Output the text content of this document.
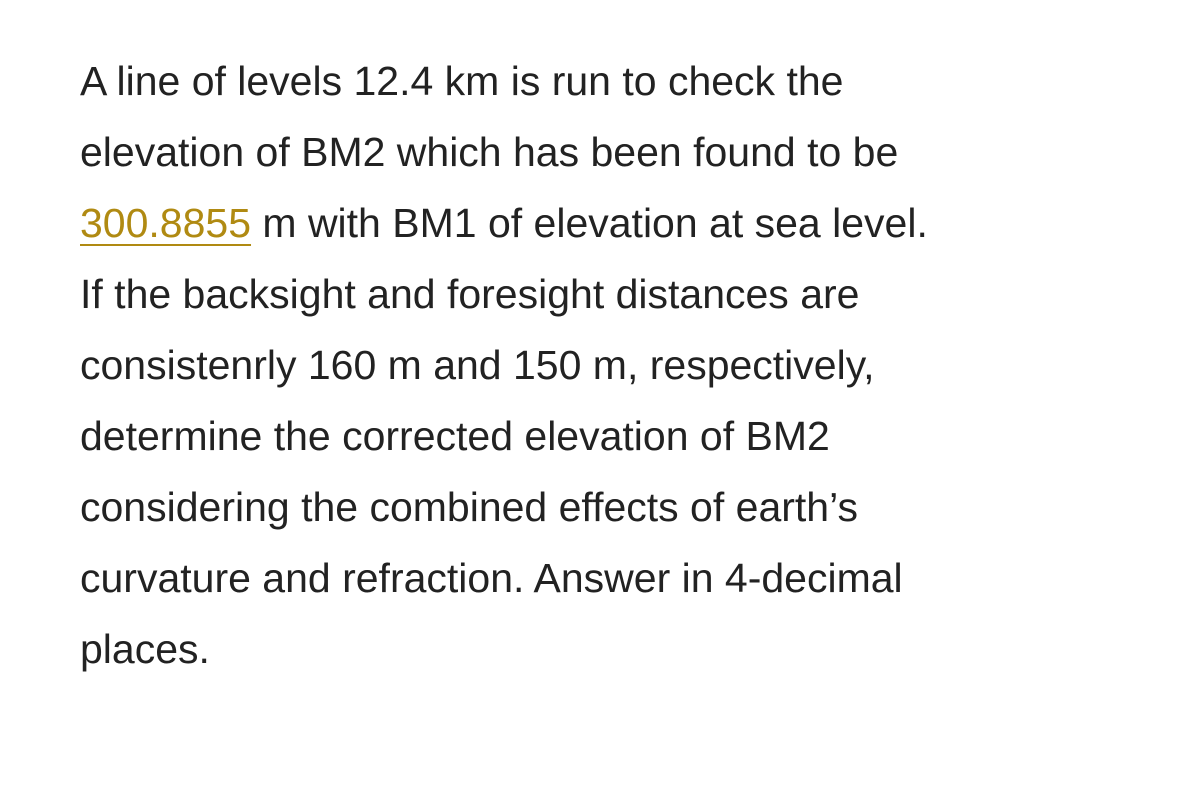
A line of levels 12.4 km is run to check the
elevation of BM2 which has been found to be
300.8855 m with BM1 of elevation at sea level.
If the backsight and foresight distances are
consistenrly 160 m and 150 m, respectively,
determine the corrected elevation of BM2
considering the combined effects of earth’s
curvature and refraction. Answer in 4-decimal
places.
